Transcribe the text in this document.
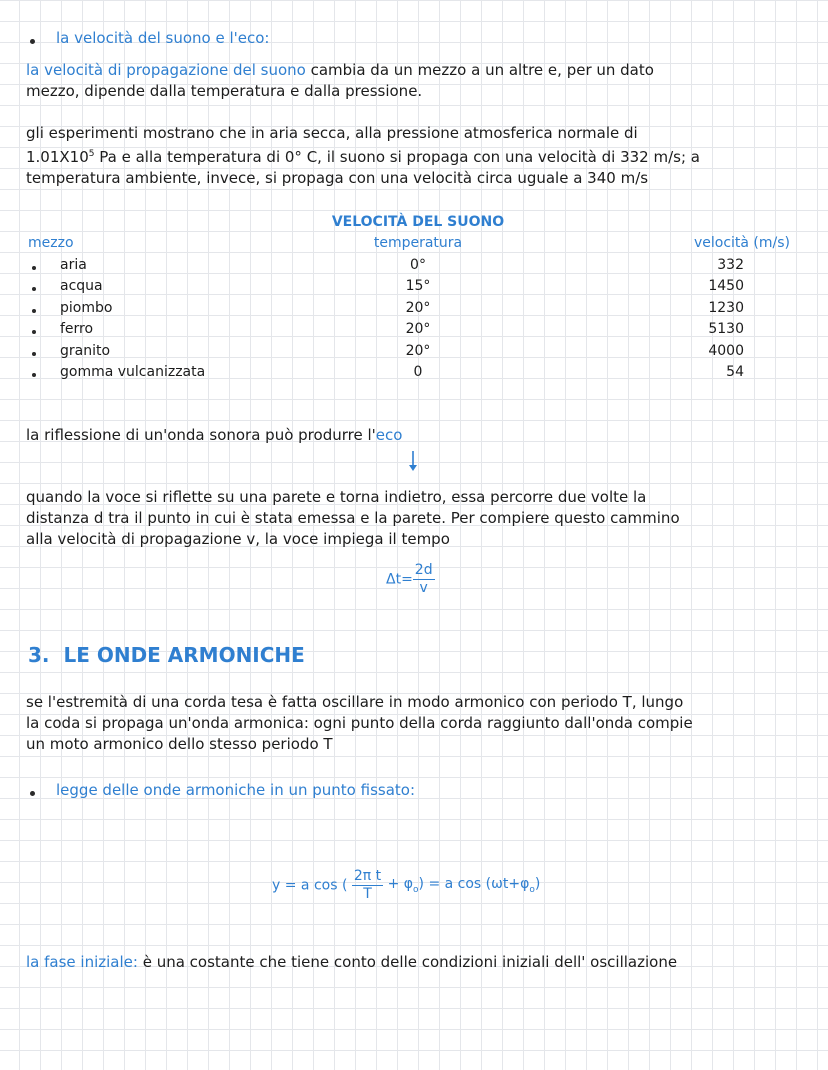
la velocità del suono e l'eco:

la velocità di propagazione del suono cambia da un mezzo a un altre e, per un dato
mezzo, dipende dalla temperatura e dalla pressione.

gli esperimenti mostrano che in aria secca, alla pressione atmosferica normale di
$1.01X10^5$ Pa e alla temperatura di 0° C, il suono si propaga con una velocità di 332 m/s; a
temperatura ambiente, invece, si propaga con una velocità circa uguale a 340 m/s

VELOCITÀ DEL SUONO
mezzo
aria
acqua
piombo
ferro
granito
gomma vulcanizzata
temperatura
0°
15°
20°
20°
20°
0
velocità (m/s)
332
1450
1230
5130
4000
54

la riflessione di un'onda sonora può produrre l'eco

quando la voce si riflette su una parete e torna indietro, essa percorre due volte la
distanza d tra il punto in cui è stata emessa e la parete. Per compiere questo cammino
alla velocità di propagazione v, la voce impiega il tempo

$\Delta t= \frac{2d}{v}$
3. LE ONDE ARMONICHE

se l'estremità di una corda tesa è fatta oscillare in modo armonico con periodo T, lungo
la coda si propaga un'onda armonica: ogni punto della corda raggiunto dall'onda compie
un moto armonico dello stesso periodo T

legge delle onde armoniche in un punto fissato:

y = a cos ( $\frac{\text{2π t}}{T} + \varphi_o) = a$ $\cos (\omega t+\varphi_o)$

la fase iniziale: è una costante che tiene conto delle condizioni iniziali dell' oscillazione
